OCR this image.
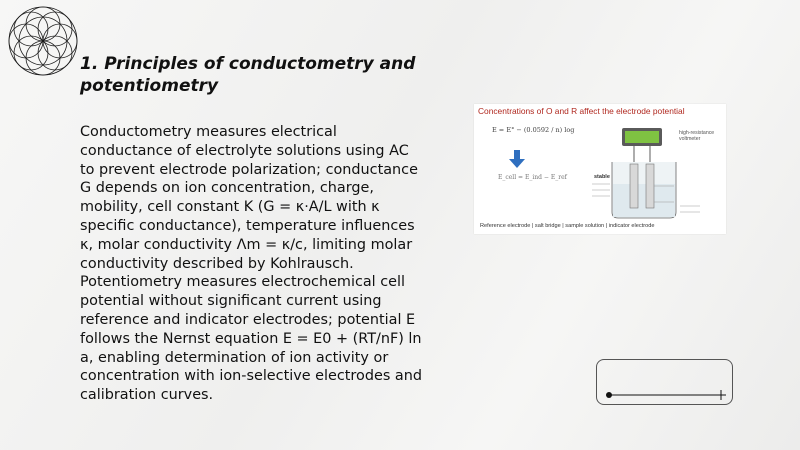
1. Principles of conductometry and potentiometry

Conductometry measures electrical conductance of electrolyte solutions using AC to prevent electrode polarization; conductance G depends on ion concentration, charge, mobility, cell constant K (G = κ·A/L with κ specific conductance), temperature influences κ, molar conductivity Λm = κ/c, limiting molar conductivity described by Kohlrausch. Potentiometry measures electrochemical cell potential without significant current using reference and indicator electrodes; potential E follows the Nernst equation E = E0 + (RT/nF) ln a, enabling determination of ion activity or concentration with ion-selective electrodes and calibration curves.

Concentrations of O and R affect the electrode potential
E = E° − (0.0592 / n) log
E_cell = E_ind − E_ref
high-resistance voltmeter
stable
Reference electrode | salt bridge | sample solution | indicator electrode
